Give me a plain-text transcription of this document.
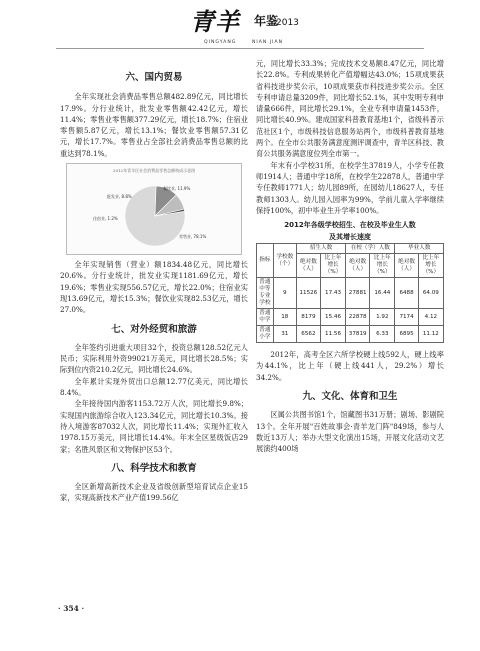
青羊 年鉴
2013
QINGYANG	NIAN JIAN
六、国内贸易

全年实现社会消费品零售总额482.89亿元，同比增长17.9%。分行业统计，批发业零售额42.42亿元，增长11.4%；零售业零售额377.29亿元，增长18.7%；住宿业零售额5.87亿元，增长13.1%；餐饮业零售额57.31亿元，增长17.7%。零售业占全部社会消费品零售总额的比重达到78.1%。

2012年青羊区社会消费品零售总额构成示意图
零售业, 78.1%
餐饮业, 11.9%
批发业, 8.8%
住宿业, 1.2%

全年实现销售（营业）额1834.48亿元，同比增长20.6%。分行业统计，批发业实现1181.69亿元，增长19.6%；零售业实现556.57亿元，增长22.0%；住宿业实现13.69亿元，增长15.3%；餐饮业实现82.53亿元，增长27.0%。

七、对外经贸和旅游

全年签约引进重大项目32个，投资总额128.52亿元人民币；实际利用外资99021万美元，同比增长28.5%；实际到位内资210.2亿元，同比增长24.6%。

全年累计实现外贸出口总额12.77亿美元，同比增长8.4%。

全年接待国内游客1153.72万人次，同比增长9.8%；实现国内旅游综合收入123.34亿元，同比增长10.3%。接待入境游客87032人次，同比增长11.4%；实现外汇收入1978.15万美元，同比增长14.4%。年末全区星级饭店29家；名胜风景区和文物保护区53个。

八、科学技术和教育

全区新增高新技术企业及省级创新型培育试点企业15家，实现高新技术产业产值199.56亿

元，同比增长33.3%；完成技术交易额8.47亿元，同比增长22.8%。专利成果转化产值增幅达43.0%；15项成果获省科技进步奖公示，10项成果获市科技进步奖公示。全区专利申请总量3209件，同比增长52.1%，其中发明专利申请量666件，同比增长29.1%，全业专利申请量1453件，同比增长40.9%。建成国家科普教育基地1个，省级科普示范社区1个，市级科技信息服务站两个，市级科普教育基地两个。在全市公共服务满意度测评调查中，青羊区科技、教育公共服务满意度位列全市第一。

年末有小学校31所，在校学生37819人，小学专任教师1914人；普通中学18所，在校学生22878人，普通中学专任教师1771人；幼儿园89所，在园幼儿18627人，专任教师1303人。幼儿园入园率为99%，学前儿童入学率继续保持100%，初中毕业生升学率100%。

2012年各级学校招生、在校及毕业生人数
及其增长速度
指标	学校数（个）	招生人数		在校（学）人数		毕业人数	
		绝对数（人）	比上年增长（%）	绝对数（人）	比上年增长（%）	绝对数（人）	比上年增长（%）
普通中等专业学校	9	11526	17.43	27881	16.44	6488	64.09
普通中学	18	8179	15.46	22878	1.92	7174	4.12
普通小学	31	6562	11.56	37819	6.33	6895	11.12

2012年，高考全区六所学校硬上线592人，硬上线率为44.1%，比上年（硬上线441人，29.2%）增长34.2%。

九、文化、体育和卫生

区属公共图书馆1个，馆藏图书31万册；剧场、影剧院13个。全年开展"百姓故事会·青羊龙门阵"849场，参与人数近13万人；举办大型文化演出15场，开展文化活动文艺展演约400场

· 354 ·
